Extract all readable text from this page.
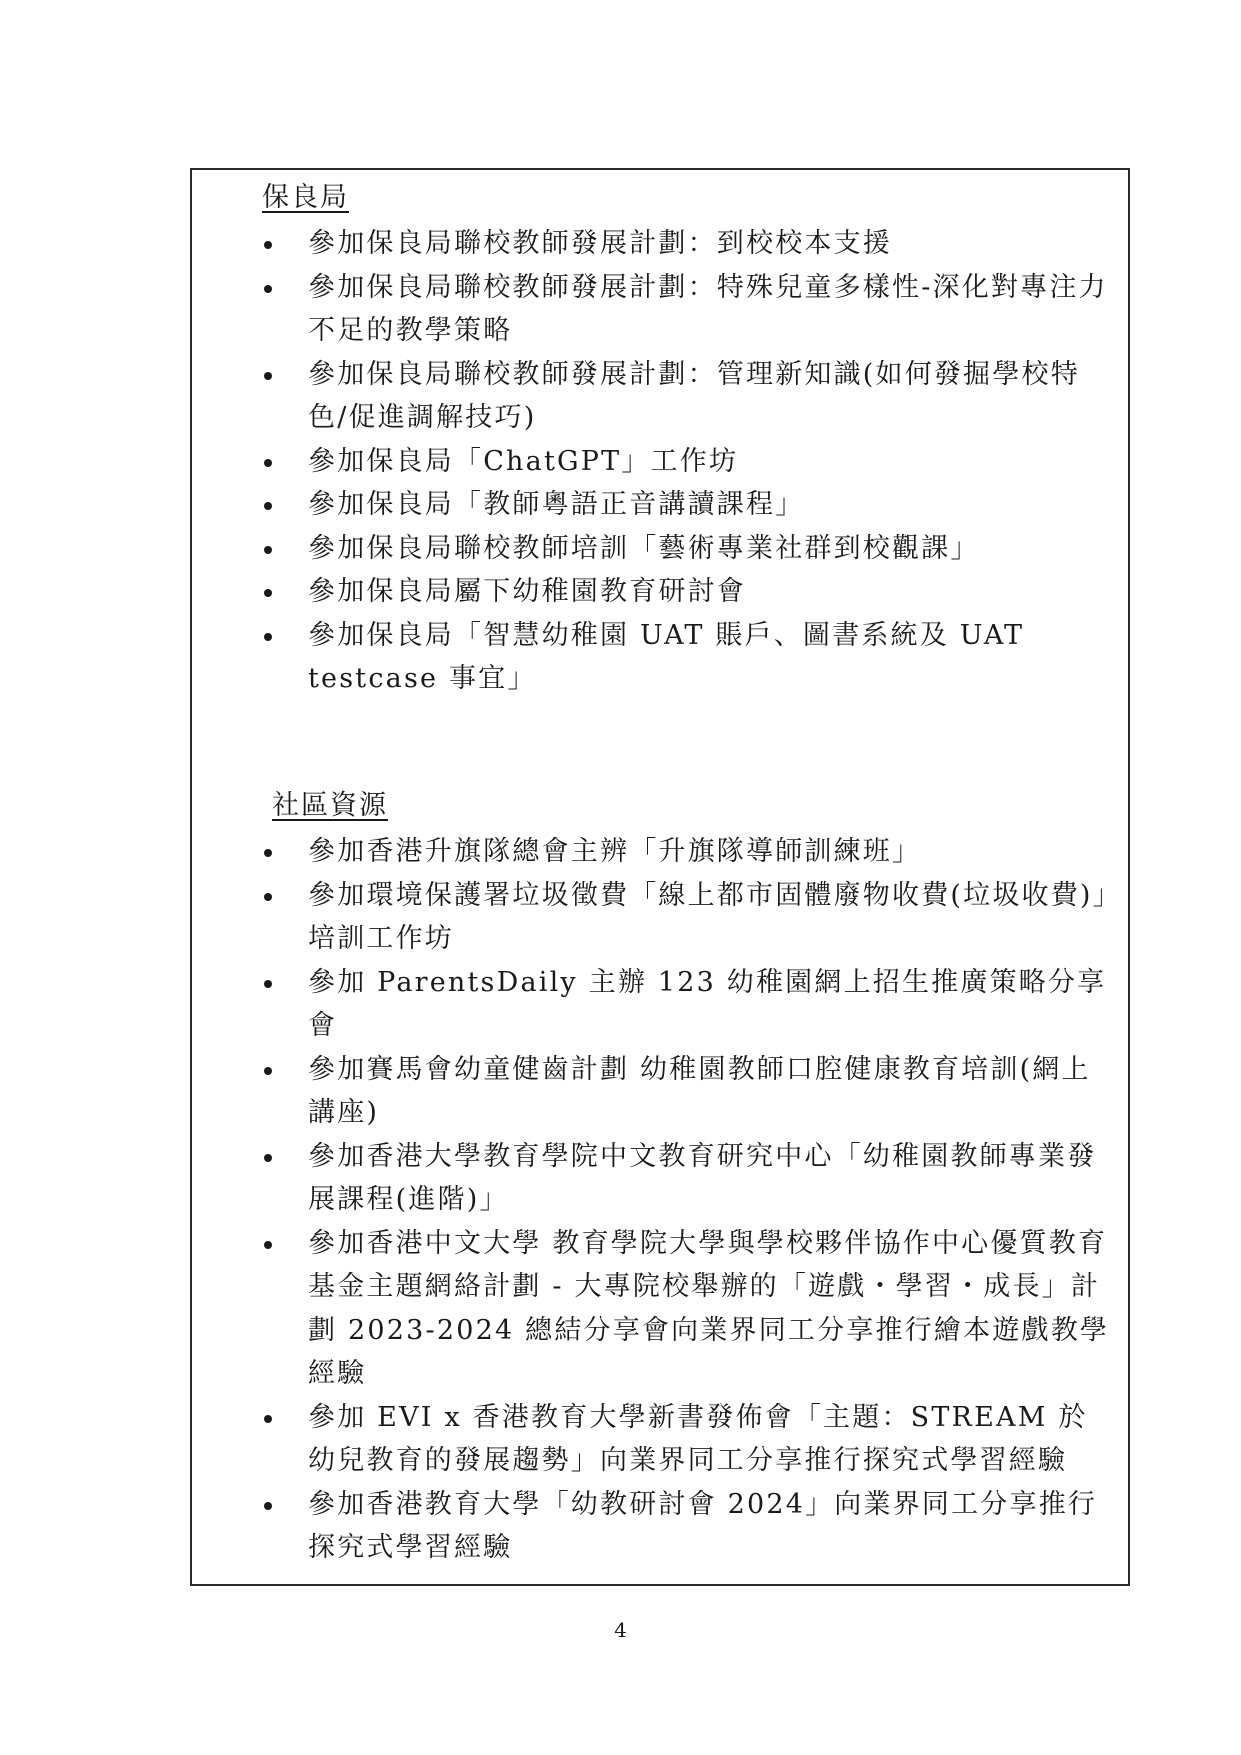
保良局
參加保良局聯校教師發展計劃：到校校本支援
參加保良局聯校教師發展計劃：特殊兒童多樣性-深化對專注力不足的教學策略
參加保良局聯校教師發展計劃：管理新知識(如何發掘學校特色/促進調解技巧)
參加保良局「ChatGPT」工作坊
參加保良局「教師粵語正音講讀課程」
參加保良局聯校教師培訓「藝術專業社群到校觀課」
參加保良局屬下幼稚園教育研討會
參加保良局「智慧幼稚園 UAT 賬戶、圖書系統及 UAT testcase 事宜」
社區資源
參加香港升旗隊總會主辨「升旗隊導師訓練班」
參加環境保護署垃圾徵費「線上都市固體廢物收費(垃圾收費)」培訓工作坊
參加 ParentsDaily 主辦 123 幼稚園網上招生推廣策略分享會
參加賽馬會幼童健齒計劃 幼稚園教師口腔健康教育培訓(網上講座)
參加香港大學教育學院中文教育研究中心「幼稚園教師專業發展課程(進階)」
參加香港中文大學 教育學院大學與學校夥伴協作中心優質教育基金主題網絡計劃 - 大專院校舉辦的「遊戲・學習・成長」計劃 2023-2024 總結分享會向業界同工分享推行繪本遊戲教學經驗
參加 EVI x 香港教育大學新書發佈會「主題：STREAM 於幼兒教育的發展趨勢」向業界同工分享推行探究式學習經驗
參加香港教育大學「幼教研討會 2024」向業界同工分享推行探究式學習經驗
4
